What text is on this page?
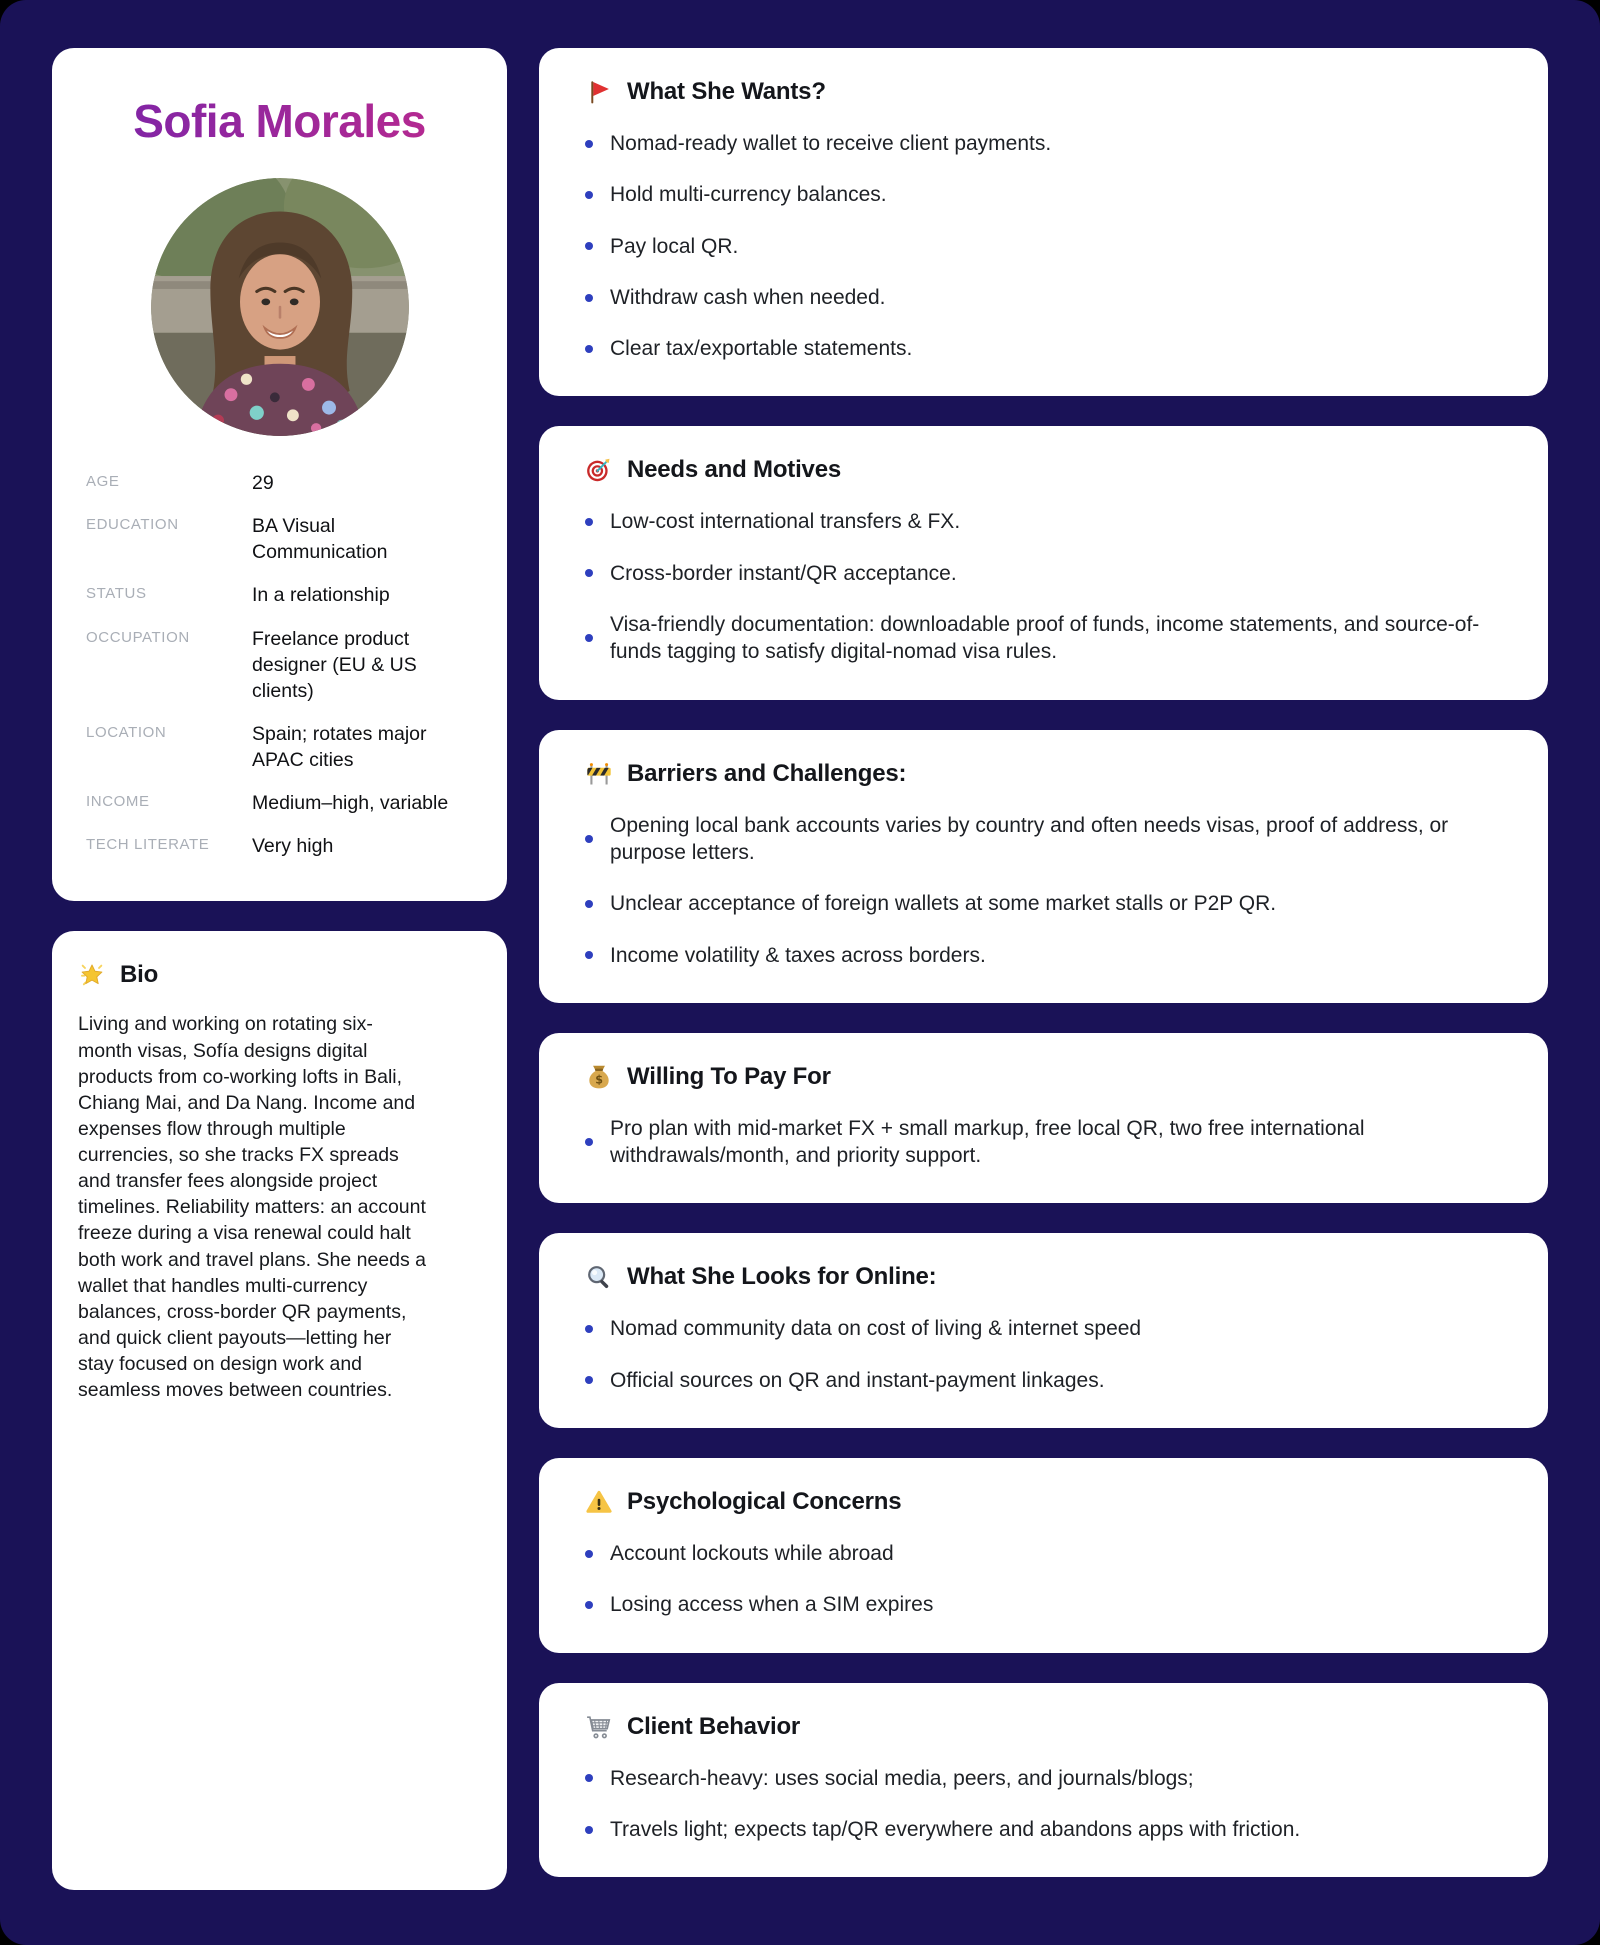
Sofia Morales
AGE	29
EDUCATION	BA Visual Communication
STATUS	In a relationship
OCCUPATION	Freelance product designer (EU & US clients)
LOCATION	Spain; rotates major APAC cities
INCOME	Medium–high, variable
TECH LITERATE	Very high
Bio

Living and working on rotating six-month visas, Sofía designs digital products from co-working lofts in Bali, Chiang Mai, and Da Nang. Income and expenses flow through multiple currencies, so she tracks FX spreads and transfer fees alongside project timelines. Reliability matters: an account freeze during a visa renewal could halt both work and travel plans. She needs a wallet that handles multi-currency balances, cross-border QR payments, and quick client payouts—letting her stay focused on design work and seamless moves between countries.

What She Wants?
Nomad-ready wallet to receive client payments.
Hold multi-currency balances.
Pay local QR.
Withdraw cash when needed.
Clear tax/exportable statements.
Needs and Motives
Low-cost international transfers & FX.
Cross-border instant/QR acceptance.
Visa-friendly documentation: downloadable proof of funds, income statements, and source-of-funds tagging to satisfy digital-nomad visa rules.
Barriers and Challenges:
Opening local bank accounts varies by country and often needs visas, proof of address, or purpose letters.
Unclear acceptance of foreign wallets at some market stalls or P2P QR.
Income volatility & taxes across borders.
$ Willing To Pay For
Pro plan with mid-market FX + small markup, free local QR, two free international withdrawals/month, and priority support.
What She Looks for Online:
Nomad community data on cost of living & internet speed
Official sources on QR and instant-payment linkages.
Psychological Concerns
Account lockouts while abroad
Losing access when a SIM expires
Client Behavior
Research-heavy: uses social media, peers, and journals/blogs;
Travels light; expects tap/QR everywhere and abandons apps with friction.
